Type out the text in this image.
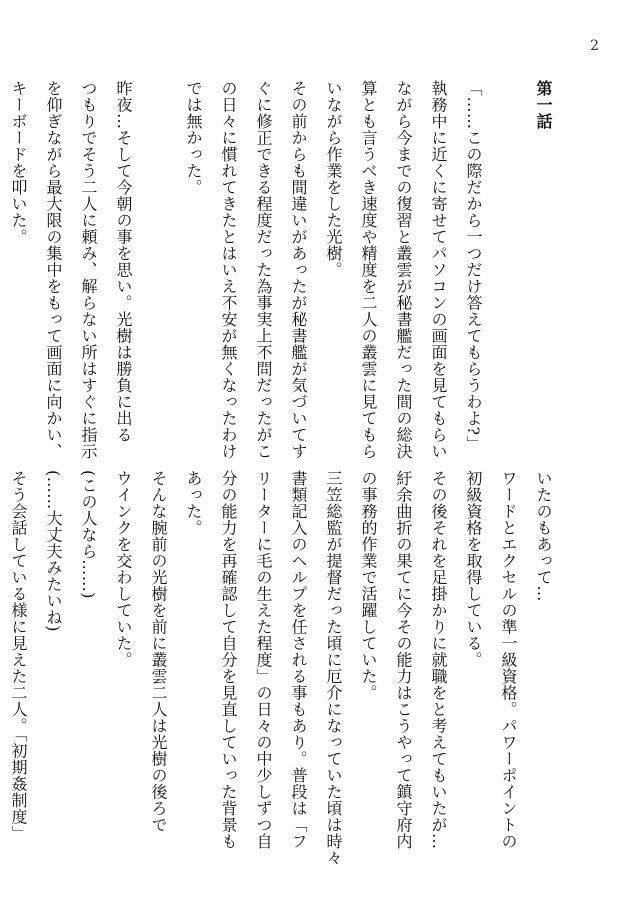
2
第一話
「……この際だから一つだけ答えてもらうわよ?」
執務中に近くに寄せてパソコンの画面を見てもらい
ながら今までの復習と叢雲が秘書艦だった間の総決
算とも言うべき速度や精度を二人の叢雲に見てもら
いながら作業をした光樹。
その前からも間違いがあったが秘書艦が気づいてす
ぐに修正できる程度だった為事実上不問だったがこ
の日々に慣れてきたとはいえ不安が無くなったわけ
では無かった。
昨夜…そして今朝の事を思い。光樹は勝負に出る
つもりでそう二人に頼み、解らない所はすぐに指示
を仰ぎながら最大限の集中をもって画面に向かい、
キーボードを叩いた。
いたのもあって…
ワードとエクセルの準一級資格。パワーポイントの
初級資格を取得している。
その後それを足掛かりに就職をと考えてもいたが…
紆余曲折の果てに今その能力はこうやって鎮守府内
の事務的作業で活躍していた。
三笠総監が提督だった頃に厄介になっていた頃は時々
書類記入のヘルプを任される事もあり。普段は「フ
リーターに毛の生えた程度」の日々の中少しずつ自
分の能力を再確認して自分を見直していった背景も
あった。
そんな腕前の光樹を前に叢雲二人は光樹の後ろで
ウインクを交わしていた。
(この人なら……)
(……大丈夫みたいね)
そう会話している様に見えた二人。「初期姦制度」
